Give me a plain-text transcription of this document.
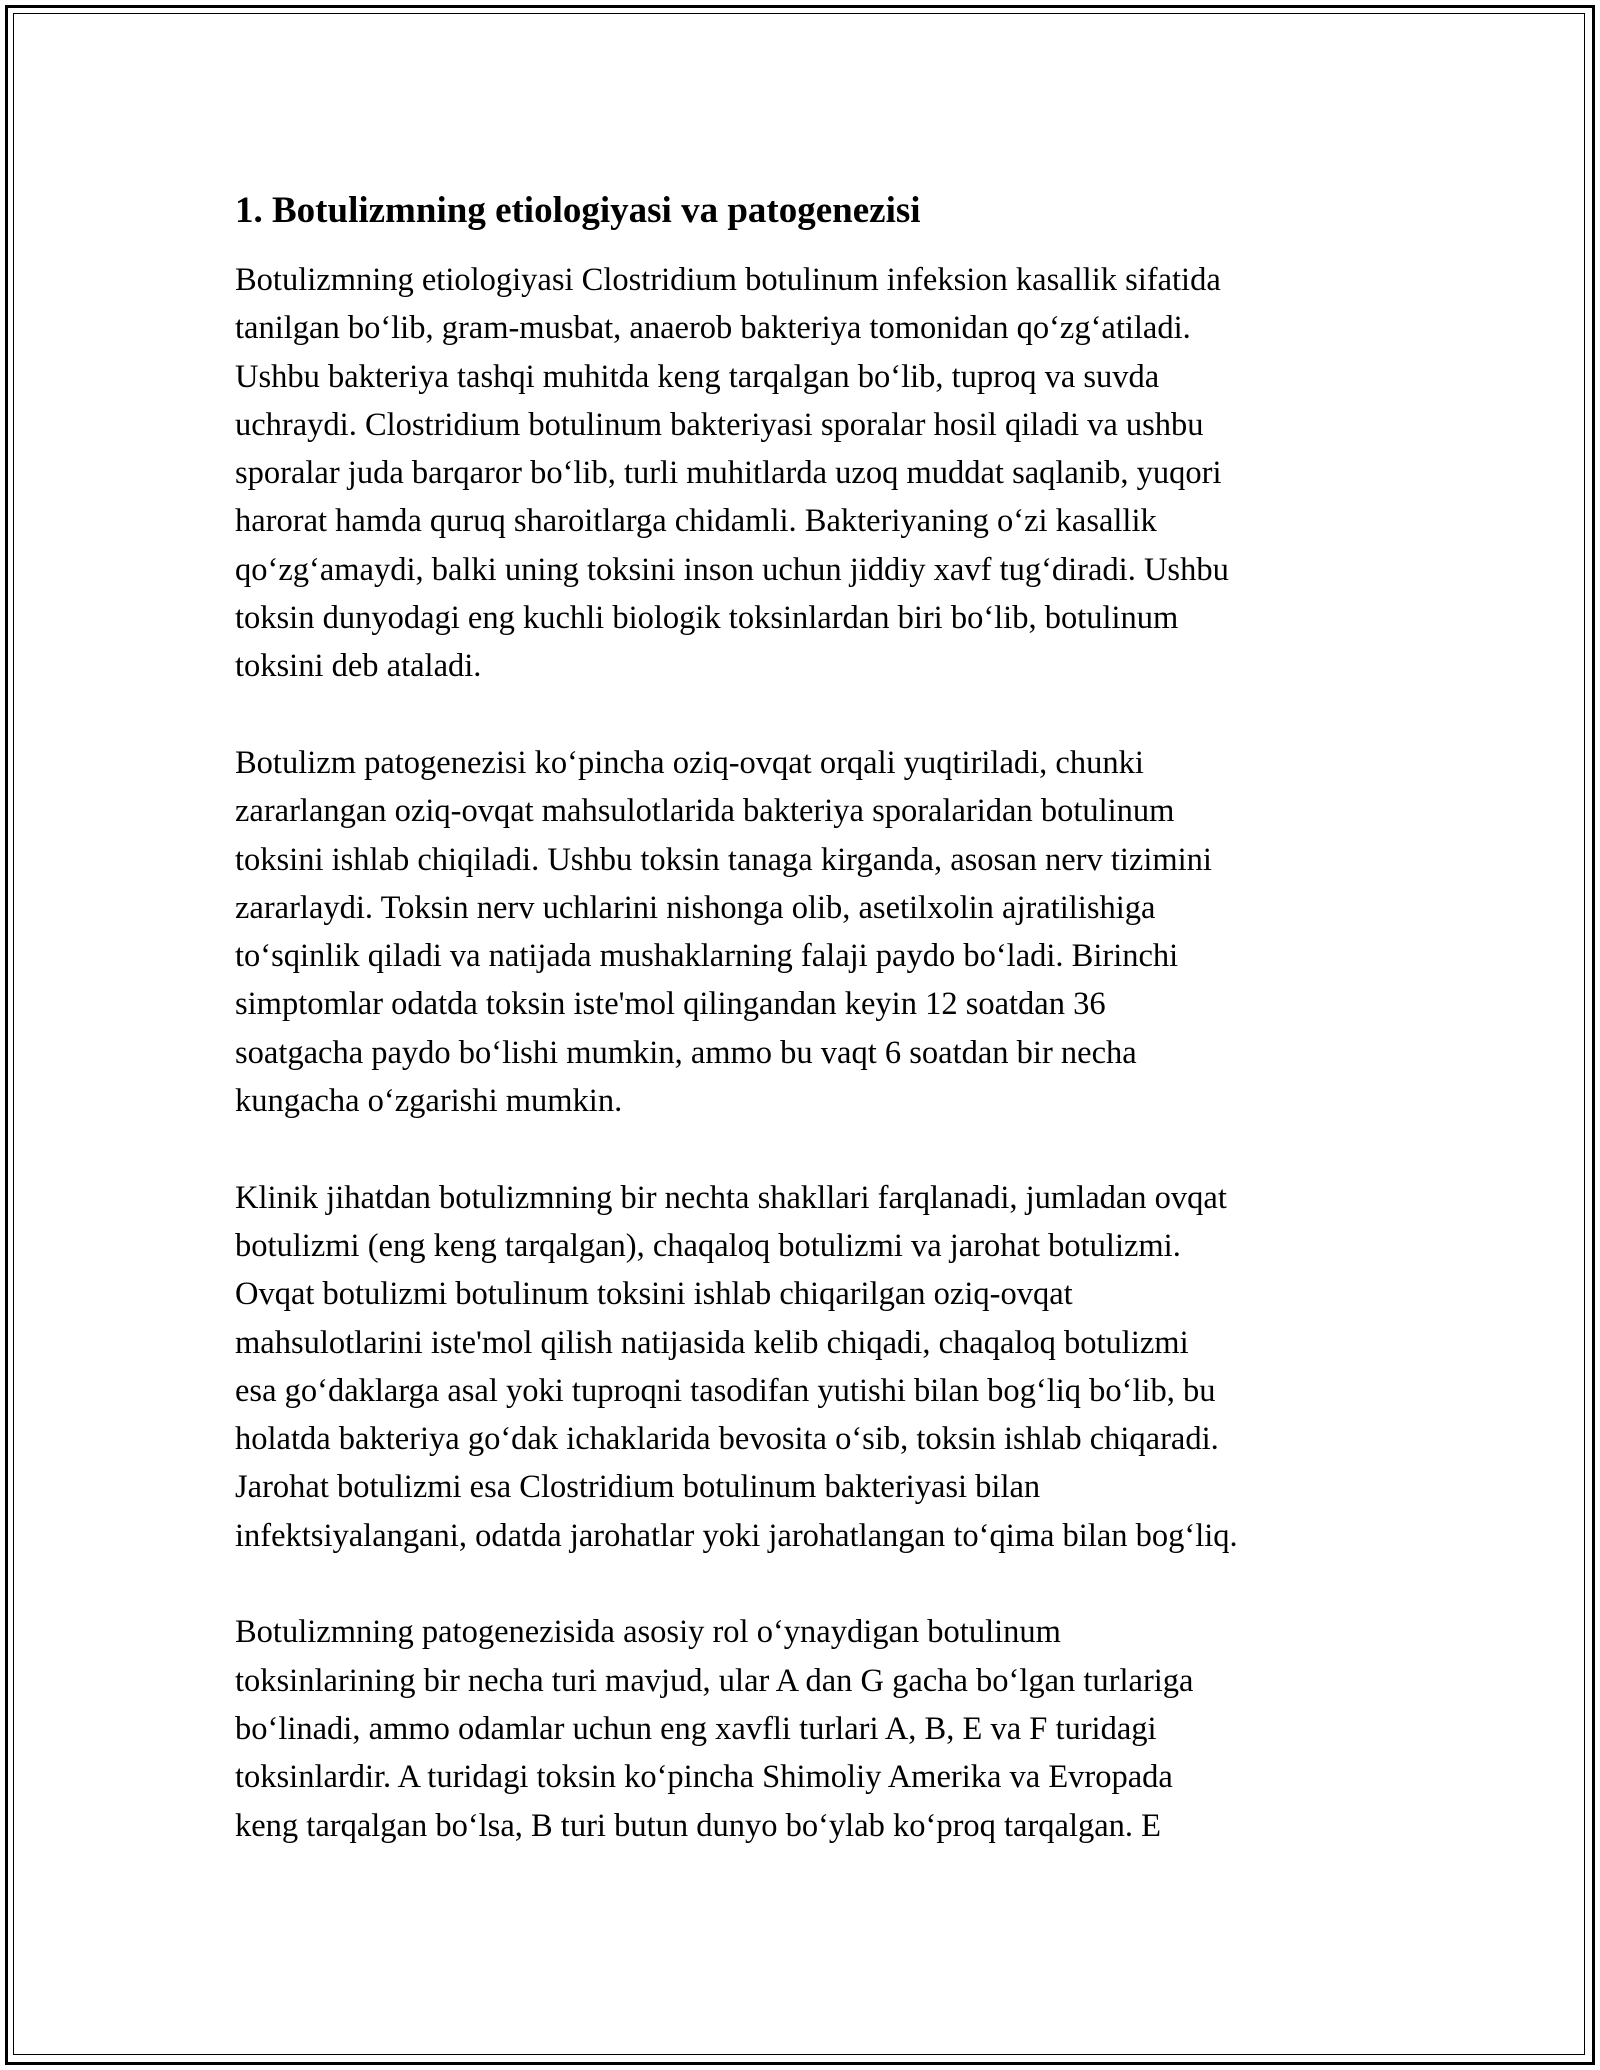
1. Botulizmning etiologiyasi va patogenezisi

Botulizmning etiologiyasi Clostridium botulinum infeksion kasallik sifatida
tanilgan bo‘lib, gram-musbat, anaerob bakteriya tomonidan qo‘zg‘atiladi.
Ushbu bakteriya tashqi muhitda keng tarqalgan bo‘lib, tuproq va suvda
uchraydi. Clostridium botulinum bakteriyasi sporalar hosil qiladi va ushbu
sporalar juda barqaror bo‘lib, turli muhitlarda uzoq muddat saqlanib, yuqori
harorat hamda quruq sharoitlarga chidamli. Bakteriyaning o‘zi kasallik
qo‘zg‘amaydi, balki uning toksini inson uchun jiddiy xavf tug‘diradi. Ushbu
toksin dunyodagi eng kuchli biologik toksinlardan biri bo‘lib, botulinum
toksini deb ataladi.

Botulizm patogenezisi ko‘pincha oziq-ovqat orqali yuqtiriladi, chunki
zararlangan oziq-ovqat mahsulotlarida bakteriya sporalaridan botulinum
toksini ishlab chiqiladi. Ushbu toksin tanaga kirganda, asosan nerv tizimini
zararlaydi. Toksin nerv uchlarini nishonga olib, asetilxolin ajratilishiga
to‘sqinlik qiladi va natijada mushaklarning falaji paydo bo‘ladi. Birinchi
simptomlar odatda toksin iste'mol qilingandan keyin 12 soatdan 36
soatgacha paydo bo‘lishi mumkin, ammo bu vaqt 6 soatdan bir necha
kungacha o‘zgarishi mumkin.

Klinik jihatdan botulizmning bir nechta shakllari farqlanadi, jumladan ovqat
botulizmi (eng keng tarqalgan), chaqaloq botulizmi va jarohat botulizmi.
Ovqat botulizmi botulinum toksini ishlab chiqarilgan oziq-ovqat
mahsulotlarini iste'mol qilish natijasida kelib chiqadi, chaqaloq botulizmi
esa go‘daklarga asal yoki tuproqni tasodifan yutishi bilan bog‘liq bo‘lib, bu
holatda bakteriya go‘dak ichaklarida bevosita o‘sib, toksin ishlab chiqaradi.
Jarohat botulizmi esa Clostridium botulinum bakteriyasi bilan
infektsiyalangani, odatda jarohatlar yoki jarohatlangan to‘qima bilan bog‘liq.

Botulizmning patogenezisida asosiy rol o‘ynaydigan botulinum
toksinlarining bir necha turi mavjud, ular A dan G gacha bo‘lgan turlariga
bo‘linadi, ammo odamlar uchun eng xavfli turlari A, B, E va F turidagi
toksinlardir. A turidagi toksin ko‘pincha Shimoliy Amerika va Evropada
keng tarqalgan bo‘lsa, B turi butun dunyo bo‘ylab ko‘proq tarqalgan. E
